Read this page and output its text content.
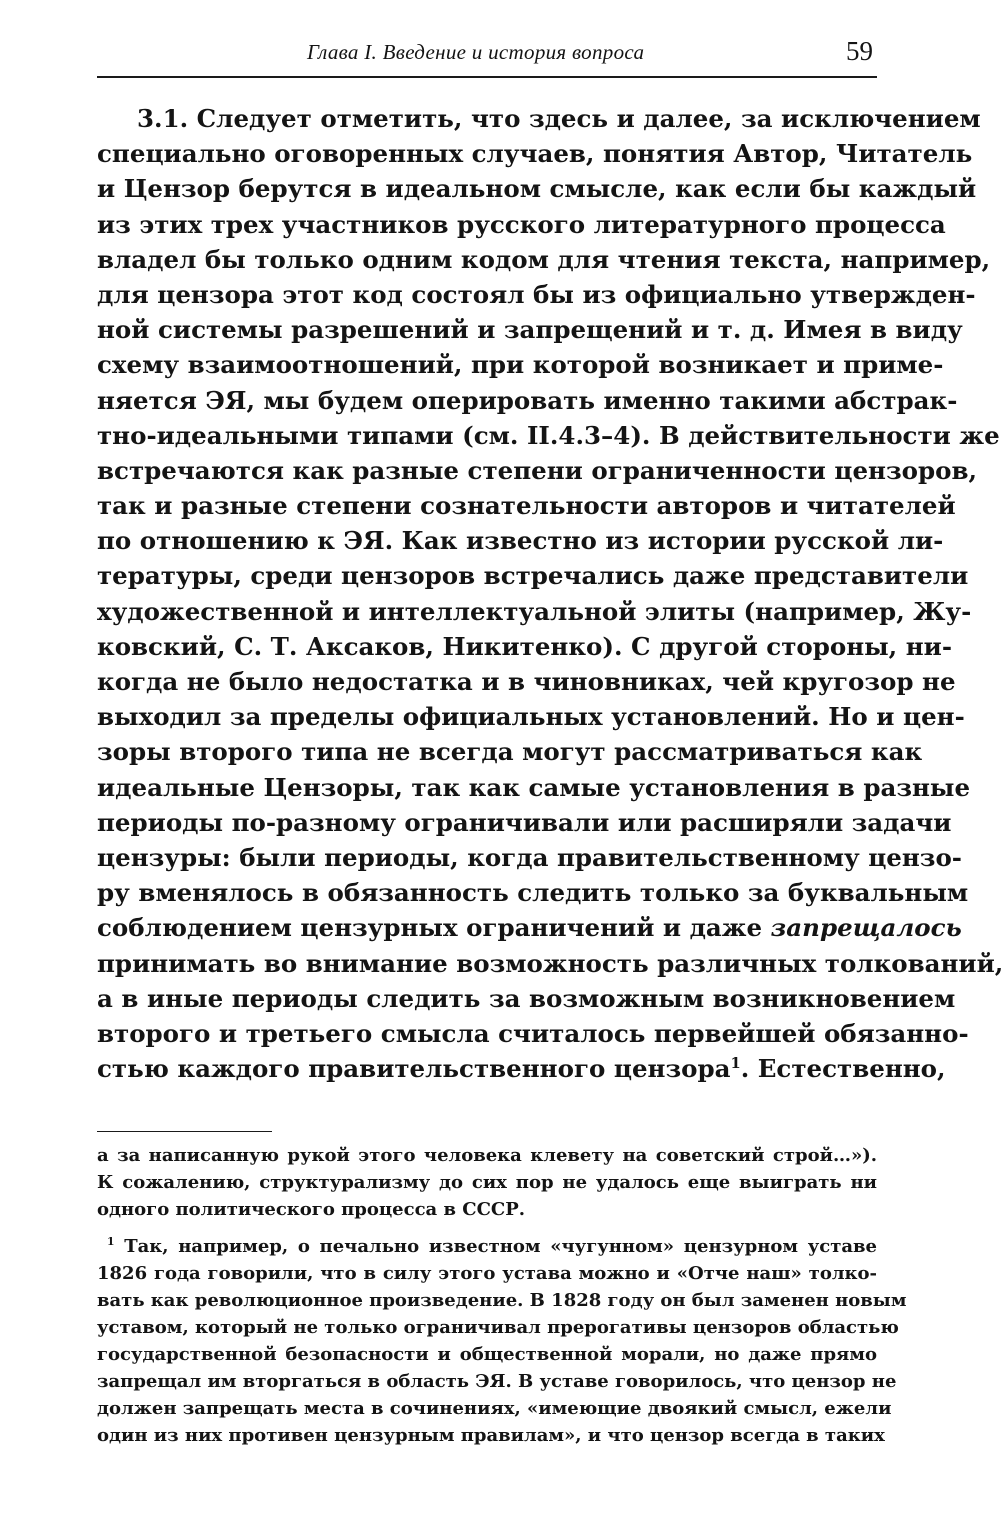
Глава I. Введение и история вопроса	59
3.1. Следует отметить, что здесь и далее, за исключением
специально оговоренных случаев, понятия Автор, Читатель
и Цензор берутся в идеальном смысле, как если бы каждый
из этих трех участников русского литературного процесса
владел бы только одним кодом для чтения текста, например,
для цензора этот код состоял бы из официально утвержден-
ной системы разрешений и запрещений и т. д. Имея в виду
схему взаимоотношений, при которой возникает и приме-
няется ЭЯ, мы будем оперировать именно такими абстрак-
тно-идеальными типами (см. II.4.3–4). В действительности же
встречаются как разные степени ограниченности цензоров,
так и разные степени сознательности авторов и читателей
по отношению к ЭЯ. Как известно из истории русской ли-
тературы, среди цензоров встречались даже представители
художественной и интеллектуальной элиты (например, Жу-
ковский, С. Т. Аксаков, Никитенко). С другой стороны, ни-
когда не было недостатка и в чиновниках, чей кругозор не
выходил за пределы официальных установлений. Но и цен-
зоры второго типа не всегда могут рассматриваться как
идеальные Цензоры, так как самые установления в разные
периоды по-разному ограничивали или расширяли задачи
цензуры: были периоды, когда правительственному цензо-
ру вменялось в обязанность следить только за буквальным
соблюдением цензурных ограничений и даже запрещалось
принимать во внимание возможность различных толкований,
а в иные периоды следить за возможным возникновением
второго и третьего смысла считалось первейшей обязанно-
стью каждого правительственного цензора$^1$. Естественно,
а за написанную рукой этого человека клевету на советский строй…»).
К сожалению, структурализму до сих пор не удалось еще выиграть ни
одного политического процесса в СССР.
$^1$ Так, например, о печально известном «чугунном» цензурном уставе
1826 года говорили, что в силу этого устава можно и «Отче наш» толко-
вать как революционное произведение. В 1828 году он был заменен новым
уставом, который не только ограничивал прерогативы цензоров областью
государственной безопасности и общественной морали, но даже прямо
запрещал им вторгаться в область ЭЯ. В уставе говорилось, что цензор не
должен запрещать места в сочинениях, «имеющие двоякий смысл, ежели
один из них противен цензурным правилам», и что цензор всегда в таких
